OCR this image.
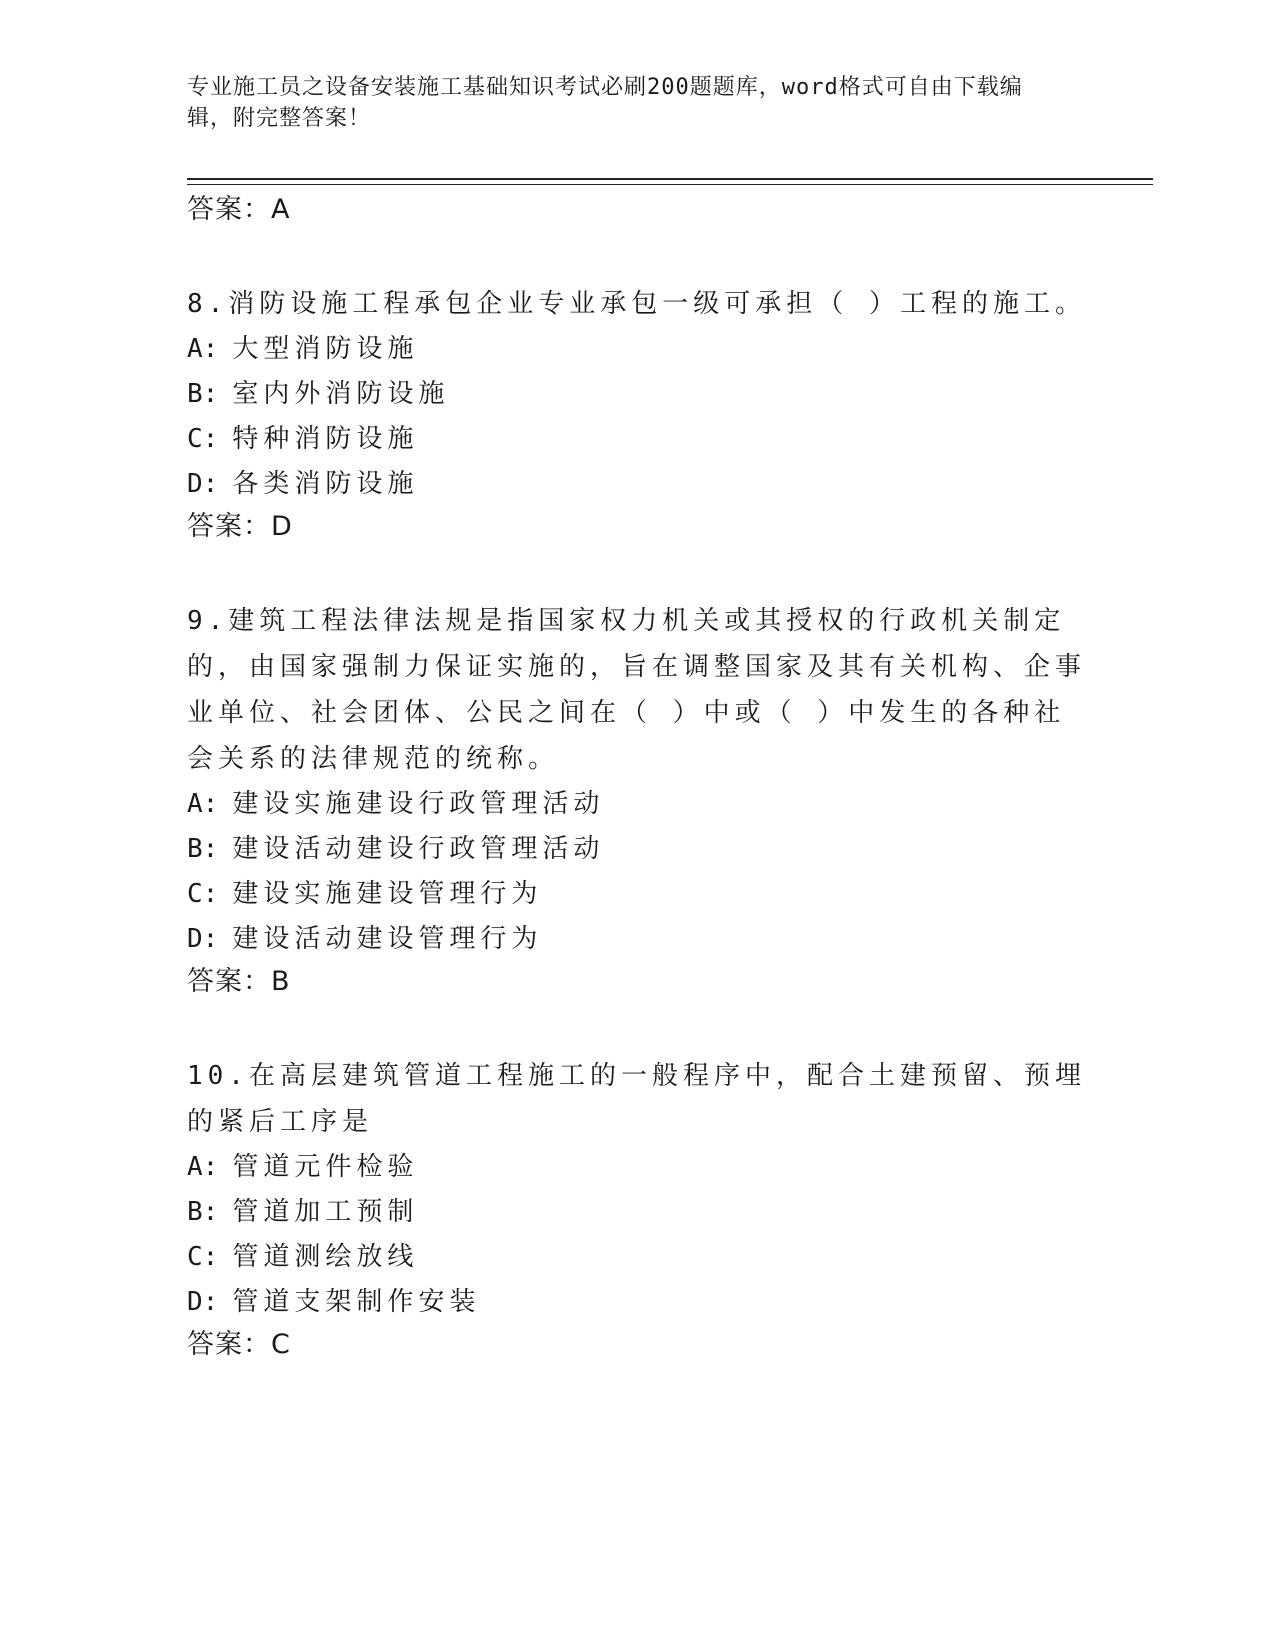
专业施工员之设备安装施工基础知识考试必刷200题题库，word格式可自由下载编辑，附完整答案！

答案：A

8.消防设施工程承包企业专业承包一级可承担（ ）工程的施工。

A: 大型消防设施

B: 室内外消防设施

C: 特种消防设施

D: 各类消防设施

答案：D

9.建筑工程法律法规是指国家权力机关或其授权的行政机关制定的，由国家强制力保证实施的，旨在调整国家及其有关机构、企事业单位、社会团体、公民之间在（ ）中或（ ）中发生的各种社会关系的法律规范的统称。

A: 建设实施建设行政管理活动

B: 建设活动建设行政管理活动

C: 建设实施建设管理行为

D: 建设活动建设管理行为

答案：B

10.在高层建筑管道工程施工的一般程序中，配合土建预留、预埋的紧后工序是

A: 管道元件检验

B: 管道加工预制

C: 管道测绘放线

D: 管道支架制作安装

答案：C
